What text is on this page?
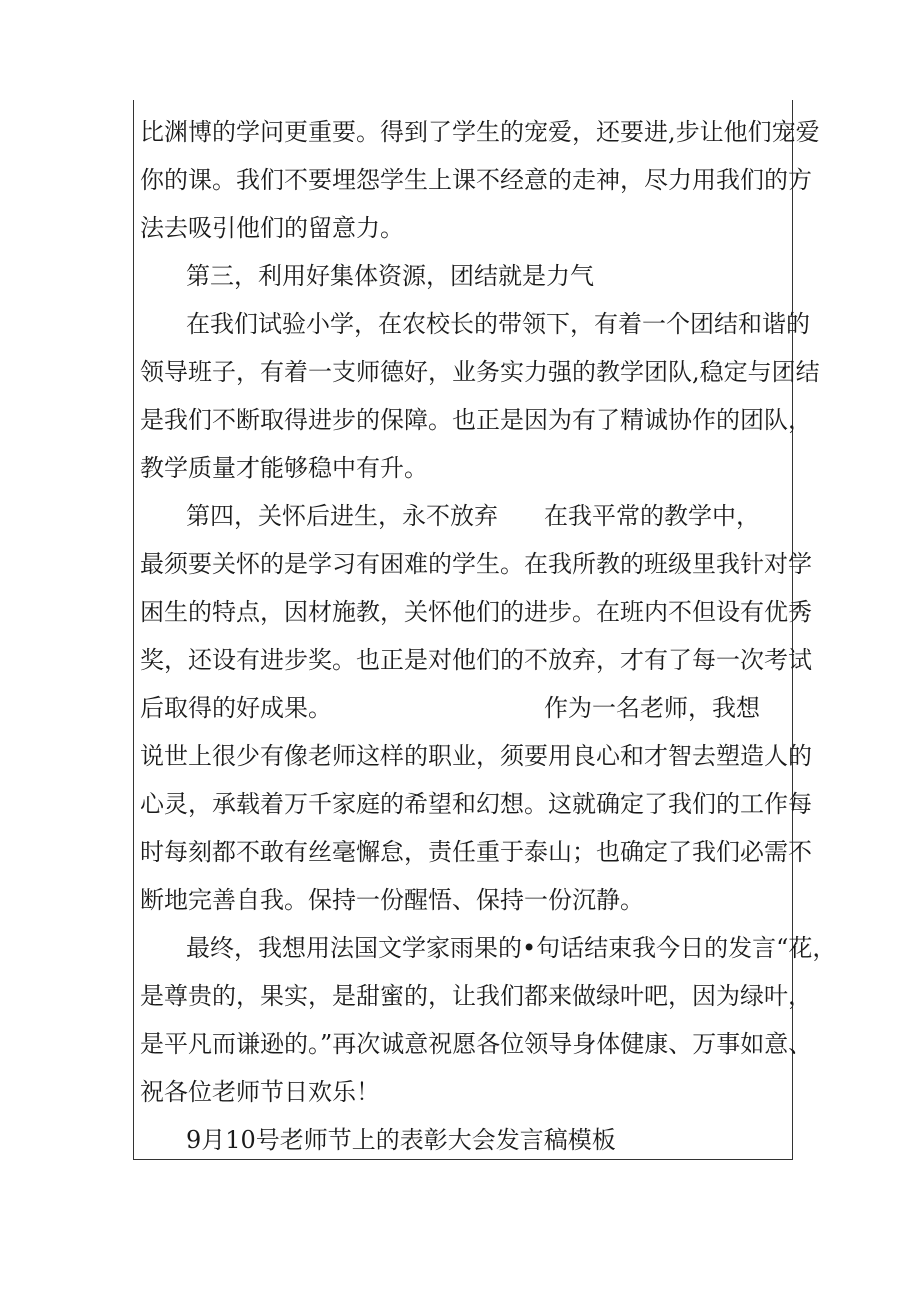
比渊博的学问更重要。得到了学生的宠爱，还要进,步让他们宠爱
你的课。我们不要埋怨学生上课不经意的走神，尽力用我们的方
法去吸引他们的留意力。
第三，利用好集体资源，团结就是力气
在我们试验小学，在农校长的带领下，有着一个团结和谐的
领导班子，有着一支师德好，业务实力强的教学团队,稳定与团结
是我们不断取得进步的保障。也正是因为有了精诚协作的团队，
教学质量才能够稳中有升。
第四，关怀后进生，永不放弃	在我平常的教学中，
最须要关怀的是学习有困难的学生。在我所教的班级里我针对学
困生的特点，因材施教，关怀他们的进步。在班内不但设有优秀
奖，还设有进步奖。也正是对他们的不放弃，才有了每一次考试
后取得的好成果。	作为一名老师，我想
说世上很少有像老师这样的职业，须要用良心和才智去塑造人的
心灵，承载着万千家庭的希望和幻想。这就确定了我们的工作每
时每刻都不敢有丝毫懈怠，责任重于泰山；也确定了我们必需不
断地完善自我。保持一份醒悟、保持一份沉静。
最终，我想用法国文学家雨果的•句话结束我今日的发言“花，
是尊贵的，果实，是甜蜜的，让我们都来做绿叶吧，因为绿叶，
是平凡而谦逊的。”再次诚意祝愿各位领导身体健康、万事如意、
祝各位老师节日欢乐！
9月10号老师节上的表彰大会发言稿模板
